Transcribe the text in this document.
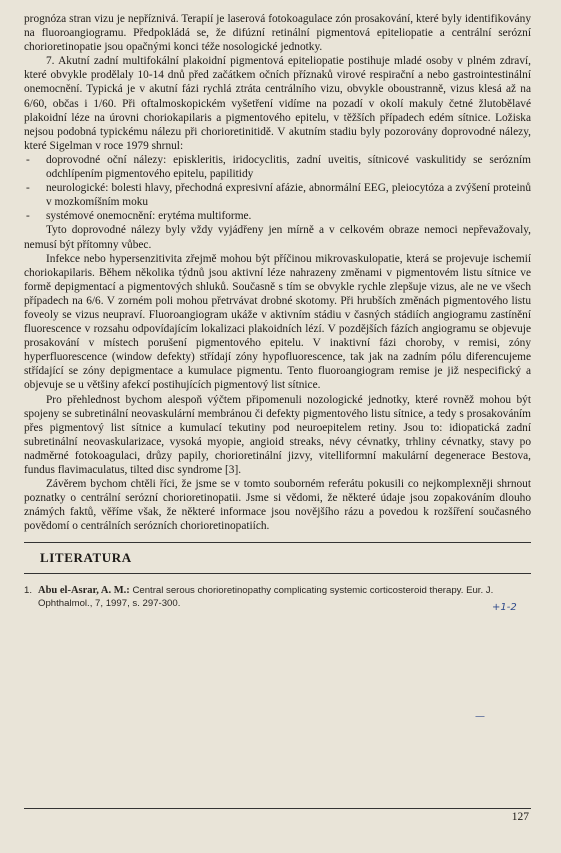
prognóza stran vizu je nepříznivá. Terapií je laserová fotokoagulace zón prosakování, které byly identifikovány na fluoroangiogramu. Předpokládá se, že difúzní retinální pigmentová epiteliopatie a centrální serózní chorioretinopatie jsou opačnými konci téže nosologické jednotky.

7. Akutní zadní multifokální plakoidní pigmentová epiteliopatie postihuje mladé osoby v plném zdraví, které obvykle prodělaly 10-14 dnů před začátkem očních příznaků virové respirační a nebo gastrointestinální onemocnění. Typická je v akutní fázi rychlá ztráta centrálního vizu, obvykle oboustranně, vizus klesá až na 6/60, občas i 1/60. Při oftalmoskopickém vyšetření vidíme na pozadí v okolí makuly četné žlutobělavé plakoidní léze na úrovni choriokapilaris a pigmentového epitelu, v těžších případech edém sítnice. Ložiska nejsou podobná typickému nálezu při chorioretinitidě. V akutním stadiu byly pozorovány doprovodné nálezy, které Sigelman v roce 1979 shrnul:

- doprovodné oční nálezy: episkleritis, iridocyclitis, zadní uveitis, sítnicové vaskulitidy se serózním odchlípením pigmentového epitelu, papilitidy
- neurologické: bolesti hlavy, přechodná expresivní afázie, abnormální EEG, pleiocytóza a zvýšení proteinů v mozkomíšním moku
- systémové onemocnění: erytéma multiforme.

Tyto doprovodné nálezy byly vždy vyjádřeny jen mírně a v celkovém obraze nemoci nepřevažovaly, nemusí být přítomny vůbec.

Infekce nebo hypersenzitivita zřejmě mohou být příčinou mikrovaskulopatie, která se projevuje ischemií choriokapilaris. Během několika týdnů jsou aktivní léze nahrazeny změnami v pigmentovém listu sítnice ve formě depigmentací a pigmentových shluků. Současně s tím se obvykle rychle zlepšuje vizus, ale ne ve všech případech na 6/6. V zorném poli mohou přetrvávat drobné skotomy. Při hrubších změnách pigmentového listu foveoly se vizus neupraví. Fluoroangiogram ukáže v aktivním stádiu v časných stádiích angiogramu zastínění fluorescence v rozsahu odpovídajícím lokalizaci plakoidních lézí. V pozdějších fázích angiogramu se objevuje prosakování v místech porušení pigmentového epitelu. V inaktivní fázi choroby, v remisi, zóny hyperfluorescence (window defekty) střídají zóny hypofluorescence, tak jak na zadním pólu diferencujeme střídající se zóny depigmentace a kumulace pigmentu. Tento fluoroangiogram remise je již nespecifický a objevuje se u většiny afekcí postihujících pigmentový list sítnice.

Pro přehlednost bychom alespoň výčtem připomenuli nozologické jednotky, které rovněž mohou být spojeny se subretinální neovaskulární membránou či defekty pigmentového listu sítnice, a tedy s prosakováním přes pigmentový list sítnice a kumulací tekutiny pod neuroepitelem retiny. Jsou to: idiopatická zadní subretinální neovaskularizace, vysoká myopie, angioid streaks, névy cévnatky, trhliny cévnatky, stavy po nadměrné fotokoagulaci, drůzy papily, chorioretinální jizvy, vitelliformní makulární degenerace Bestova, fundus flavimaculatus, tilted disc syndrome [3].

Závěrem bychom chtěli říci, že jsme se v tomto souborném referátu pokusili co nejkomplexněji shrnout poznatky o centrální serózní chorioretinopatii. Jsme si vědomi, že některé údaje jsou zopakováním dlouho známých faktů, věříme však, že některé informace jsou novějšího rázu a povedou k rozšíření současného povědomí o centrálních serózních chorioretinopatiích.

LITERATURA
1. Abu el-Asrar, A. M.: Central serous chorioretinopathy complicating systemic corticosteroid therapy. Eur. J. Ophthalmol., 7, 1997, s. 297-300.	+1-2
—
127
